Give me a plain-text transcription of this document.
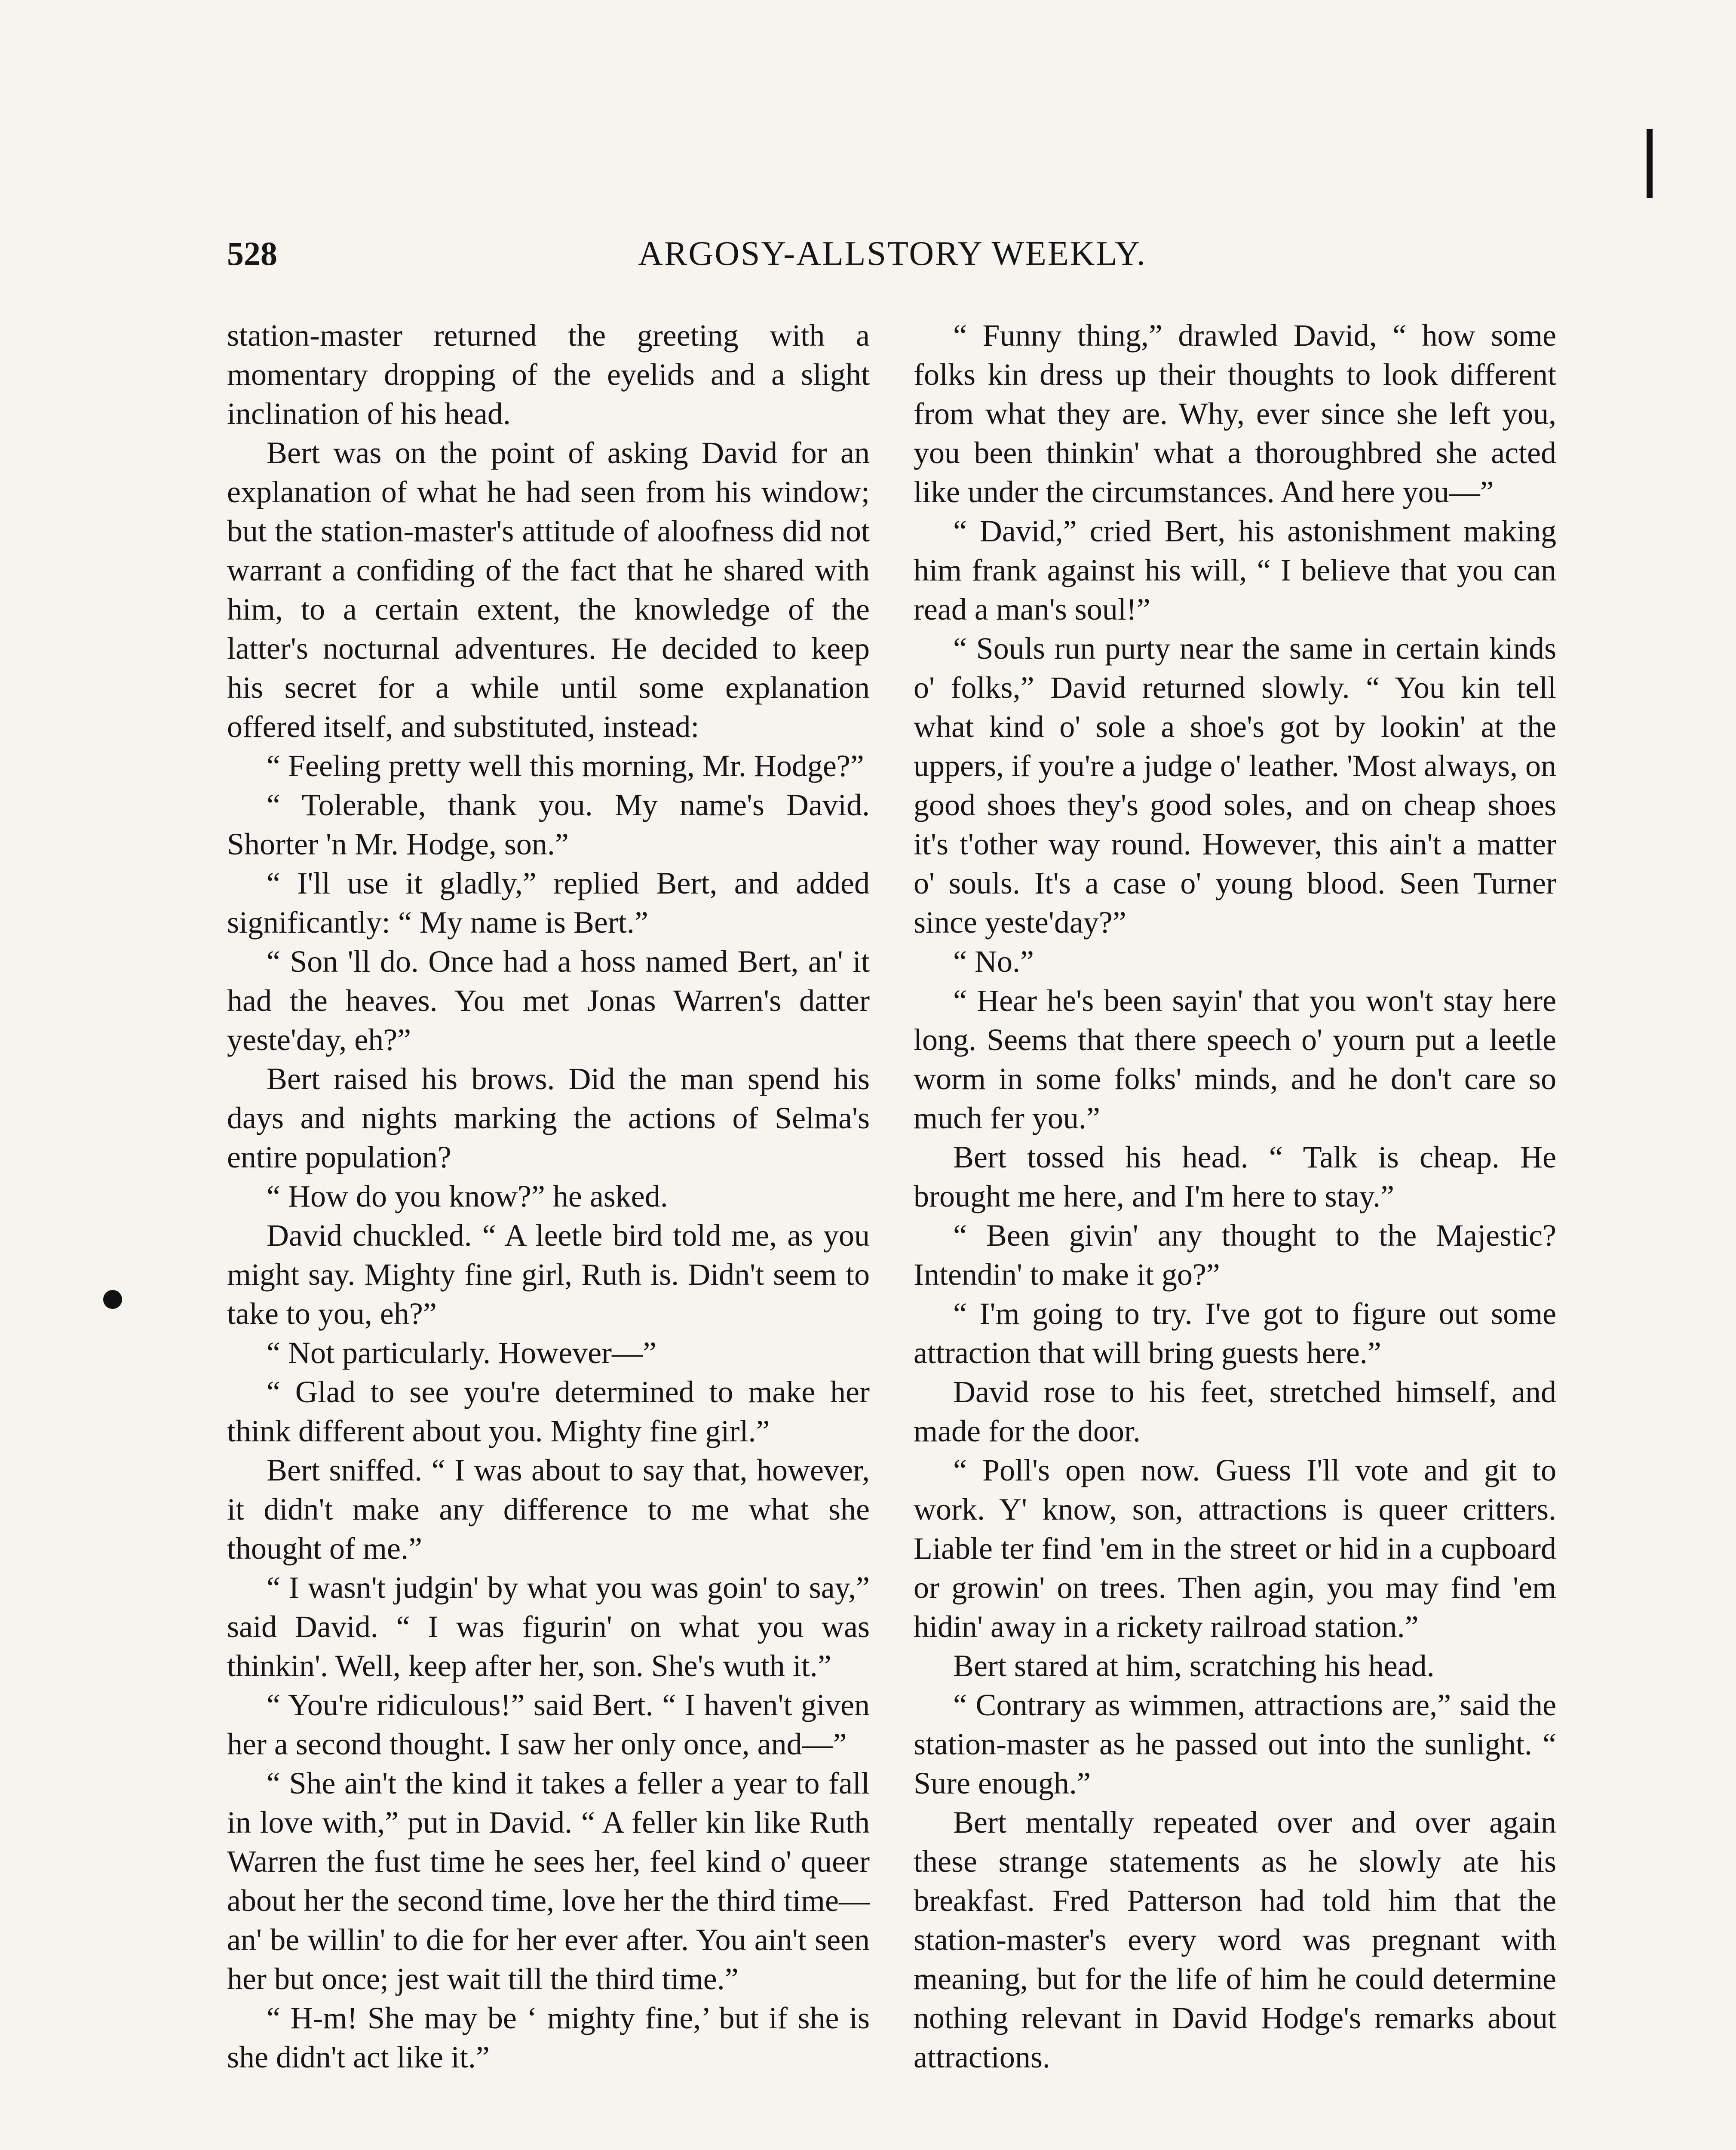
528	ARGOSY-ALLSTORY WEEKLY.

station-master returned the greeting with a momentary dropping of the eyelids and a slight inclination of his head.

Bert was on the point of asking David for an explanation of what he had seen from his window; but the station-master's attitude of aloofness did not warrant a confiding of the fact that he shared with him, to a certain extent, the knowledge of the latter's nocturnal adventures. He decided to keep his secret for a while until some explanation offered itself, and substituted, instead:

“ Feeling pretty well this morning, Mr. Hodge?”

“ Tolerable, thank you. My name's David. Shorter 'n Mr. Hodge, son.”

“ I'll use it gladly,” replied Bert, and added significantly: “ My name is Bert.”

“ Son 'll do. Once had a hoss named Bert, an' it had the heaves. You met Jonas Warren's datter yeste'day, eh?”

Bert raised his brows. Did the man spend his days and nights marking the actions of Selma's entire population?

“ How do you know?” he asked.

David chuckled. “ A leetle bird told me, as you might say. Mighty fine girl, Ruth is. Didn't seem to take to you, eh?”

“ Not particularly. However—”

“ Glad to see you're determined to make her think different about you. Mighty fine girl.”

Bert sniffed. “ I was about to say that, however, it didn't make any difference to me what she thought of me.”

“ I wasn't judgin' by what you was goin' to say,” said David. “ I was figurin' on what you was thinkin'. Well, keep after her, son. She's wuth it.”

“ You're ridiculous!” said Bert. “ I haven't given her a second thought. I saw her only once, and—”

“ She ain't the kind it takes a feller a year to fall in love with,” put in David. “ A feller kin like Ruth Warren the fust time he sees her, feel kind o' queer about her the second time, love her the third time—an' be willin' to die for her ever after. You ain't seen her but once; jest wait till the third time.”

“ H-m! She may be ‘ mighty fine,’ but if she is she didn't act like it.”

“ Funny thing,” drawled David, “ how some folks kin dress up their thoughts to look different from what they are. Why, ever since she left you, you been thinkin' what a thoroughbred she acted like under the circumstances. And here you—”

“ David,” cried Bert, his astonishment making him frank against his will, “ I believe that you can read a man's soul!”

“ Souls run purty near the same in certain kinds o' folks,” David returned slowly. “ You kin tell what kind o' sole a shoe's got by lookin' at the uppers, if you're a judge o' leather. 'Most always, on good shoes they's good soles, and on cheap shoes it's t'other way round. However, this ain't a matter o' souls. It's a case o' young blood. Seen Turner since yeste'day?”

“ No.”

“ Hear he's been sayin' that you won't stay here long. Seems that there speech o' yourn put a leetle worm in some folks' minds, and he don't care so much fer you.”

Bert tossed his head. “ Talk is cheap. He brought me here, and I'm here to stay.”

“ Been givin' any thought to the Majestic? Intendin' to make it go?”

“ I'm going to try. I've got to figure out some attraction that will bring guests here.”

David rose to his feet, stretched himself, and made for the door.

“ Poll's open now. Guess I'll vote and git to work. Y' know, son, attractions is queer critters. Liable ter find 'em in the street or hid in a cupboard or growin' on trees. Then agin, you may find 'em hidin' away in a rickety railroad station.”

Bert stared at him, scratching his head.

“ Contrary as wimmen, attractions are,” said the station-master as he passed out into the sunlight. “ Sure enough.”

Bert mentally repeated over and over again these strange statements as he slowly ate his breakfast. Fred Patterson had told him that the station-master's every word was pregnant with meaning, but for the life of him he could determine nothing relevant in David Hodge's remarks about attractions.
